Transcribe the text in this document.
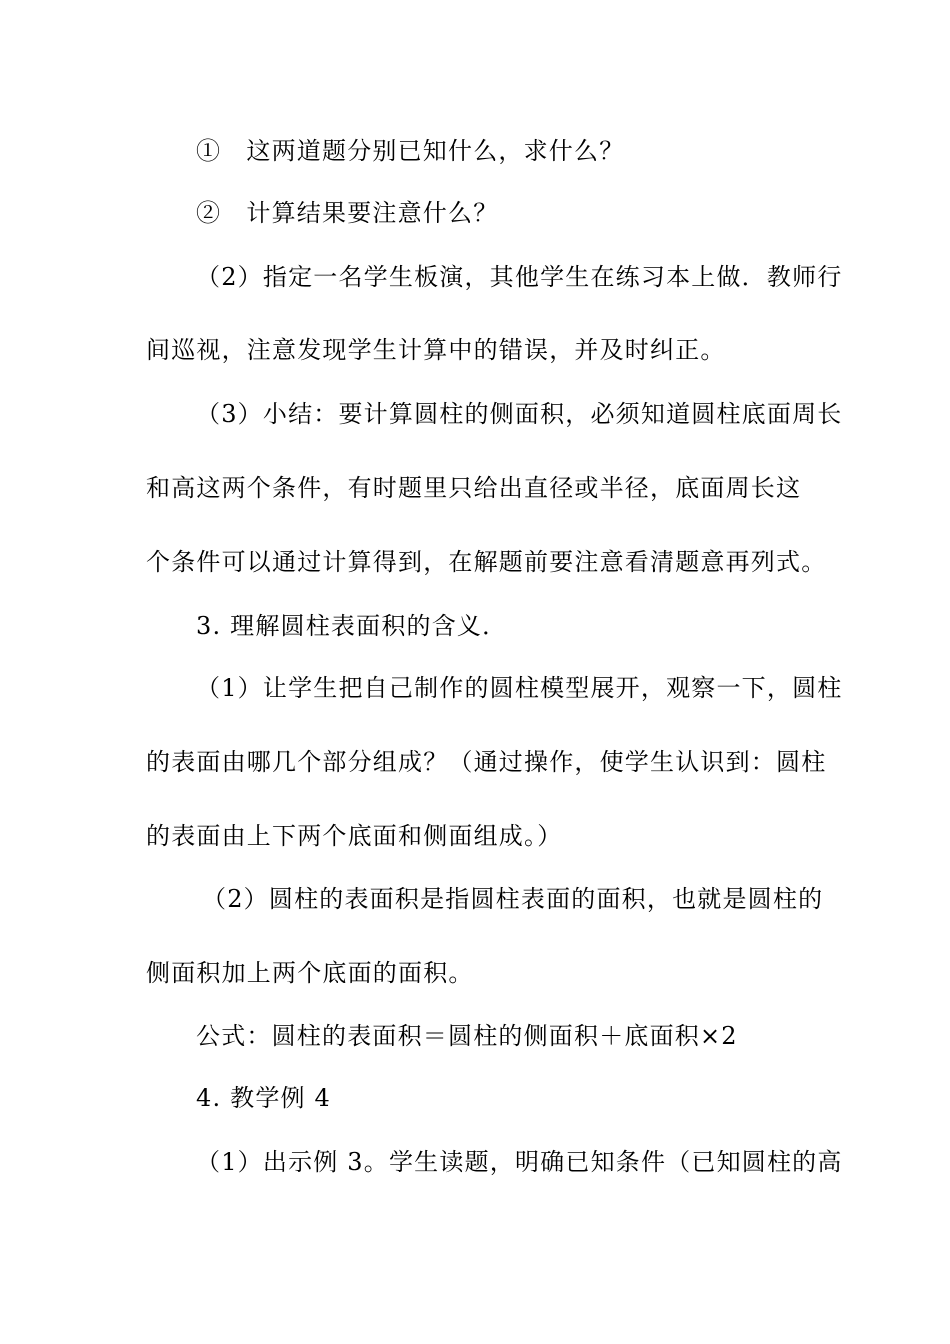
①　这两道题分别已知什么，求什么？
②　计算结果要注意什么？
（2）指定一名学生板演，其他学生在练习本上做．教师行
间巡视，注意发现学生计算中的错误，并及时纠正。
（3）小结：要计算圆柱的侧面积，必须知道圆柱底面周长
和高这两个条件，有时题里只给出直径或半径，底面周长这
个条件可以通过计算得到，在解题前要注意看清题意再列式。
3. 理解圆柱表面积的含义．
（1）让学生把自己制作的圆柱模型展开，观察一下，圆柱
的表面由哪几个部分组成？（通过操作，使学生认识到：圆柱
的表面由上下两个底面和侧面组成。）
（2）圆柱的表面积是指圆柱表面的面积，也就是圆柱的
侧面积加上两个底面的面积。
公式：圆柱的表面积＝圆柱的侧面积＋底面积×2
4. 教学例 4
（1）出示例 3。学生读题，明确已知条件（已知圆柱的高
